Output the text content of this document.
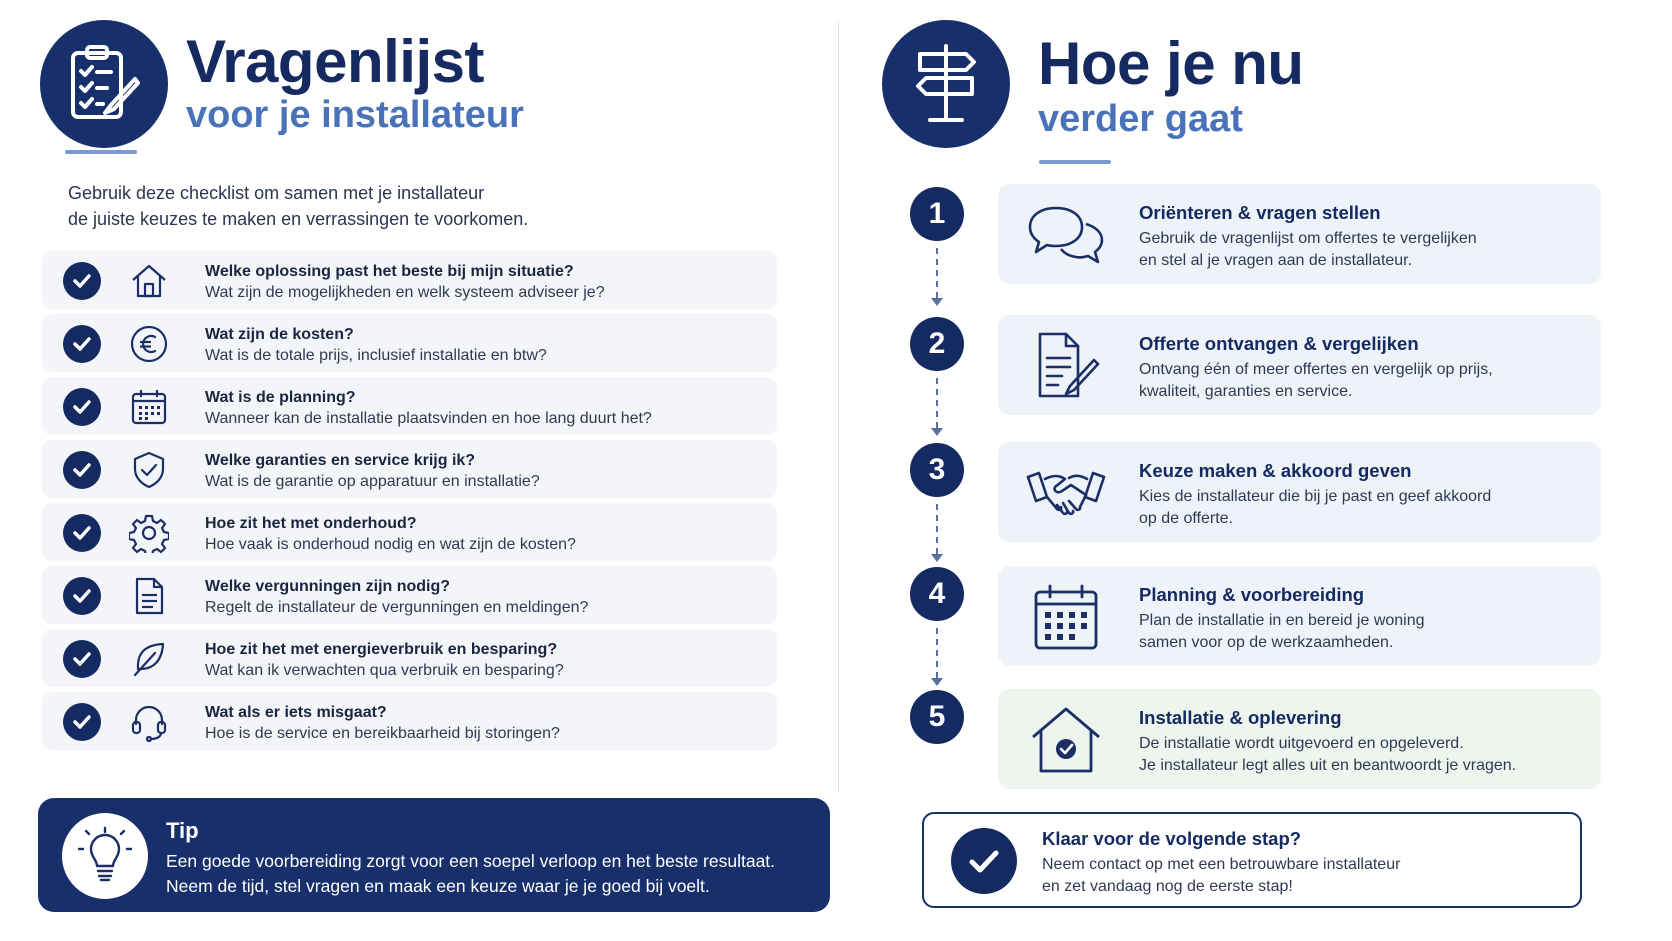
Vragenlijst
voor je installateur
Gebruik deze checklist om samen met je installateur
de juiste keuzes te maken en verrassingen te voorkomen.
Welke oplossing past het beste bij mijn situatie?
Wat zijn de mogelijkheden en welk systeem adviseer je?
Wat zijn de kosten?
Wat is de totale prijs, inclusief installatie en btw?
Wat is de planning?
Wanneer kan de installatie plaatsvinden en hoe lang duurt het?
Welke garanties en service krijg ik?
Wat is de garantie op apparatuur en installatie?
Hoe zit het met onderhoud?
Hoe vaak is onderhoud nodig en wat zijn de kosten?
Welke vergunningen zijn nodig?
Regelt de installateur de vergunningen en meldingen?
Hoe zit het met energieverbruik en besparing?
Wat kan ik verwachten qua verbruik en besparing?
Wat als er iets misgaat?
Hoe is de service en bereikbaarheid bij storingen?
Tip
Een goede voorbereiding zorgt voor een soepel verloop en het beste resultaat.
Neem de tijd, stel vragen en maak een keuze waar je je goed bij voelt.
Hoe je nu
verder gaat
1
2
3
4
5
Oriënteren & vragen stellen
Gebruik de vragenlijst om offertes te vergelijken
en stel al je vragen aan de installateur.
Offerte ontvangen & vergelijken
Ontvang één of meer offertes en vergelijk op prijs,
kwaliteit, garanties en service.
Keuze maken & akkoord geven
Kies de installateur die bij je past en geef akkoord
op de offerte.
Planning & voorbereiding
Plan de installatie in en bereid je woning
samen voor op de werkzaamheden.
Installatie & oplevering
De installatie wordt uitgevoerd en opgeleverd.
Je installateur legt alles uit en beantwoordt je vragen.
Klaar voor de volgende stap?
Neem contact op met een betrouwbare installateur
en zet vandaag nog de eerste stap!
